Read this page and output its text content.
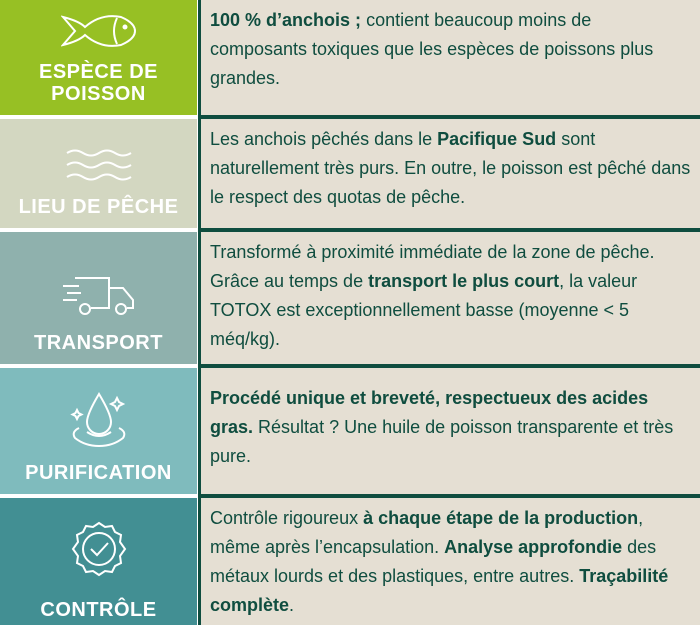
ESPÈCE DE
POISSON
100 % d’anchois ; contient beaucoup moins de composants toxiques que les espèces de poissons plus grandes.
LIEU DE PÊCHE
Les anchois pêchés dans le Pacifique Sud sont naturellement très purs. En outre, le poisson est pêché dans le respect des quotas de pêche.
TRANSPORT
Transformé à proximité immédiate de la zone de pêche. Grâce au temps de transport le plus court, la valeur TOTOX est exceptionnellement basse (moyenne < 5 méq/kg).
PURIFICATION
Procédé unique et breveté, respectueux des acides gras. Résultat ? Une huile de poisson transparente et très pure.
CONTRÔLE
Contrôle rigoureux à chaque étape de la production, même après l’encapsulation. Analyse approfondie des métaux lourds et des plastiques, entre autres. Traçabilité complète.
